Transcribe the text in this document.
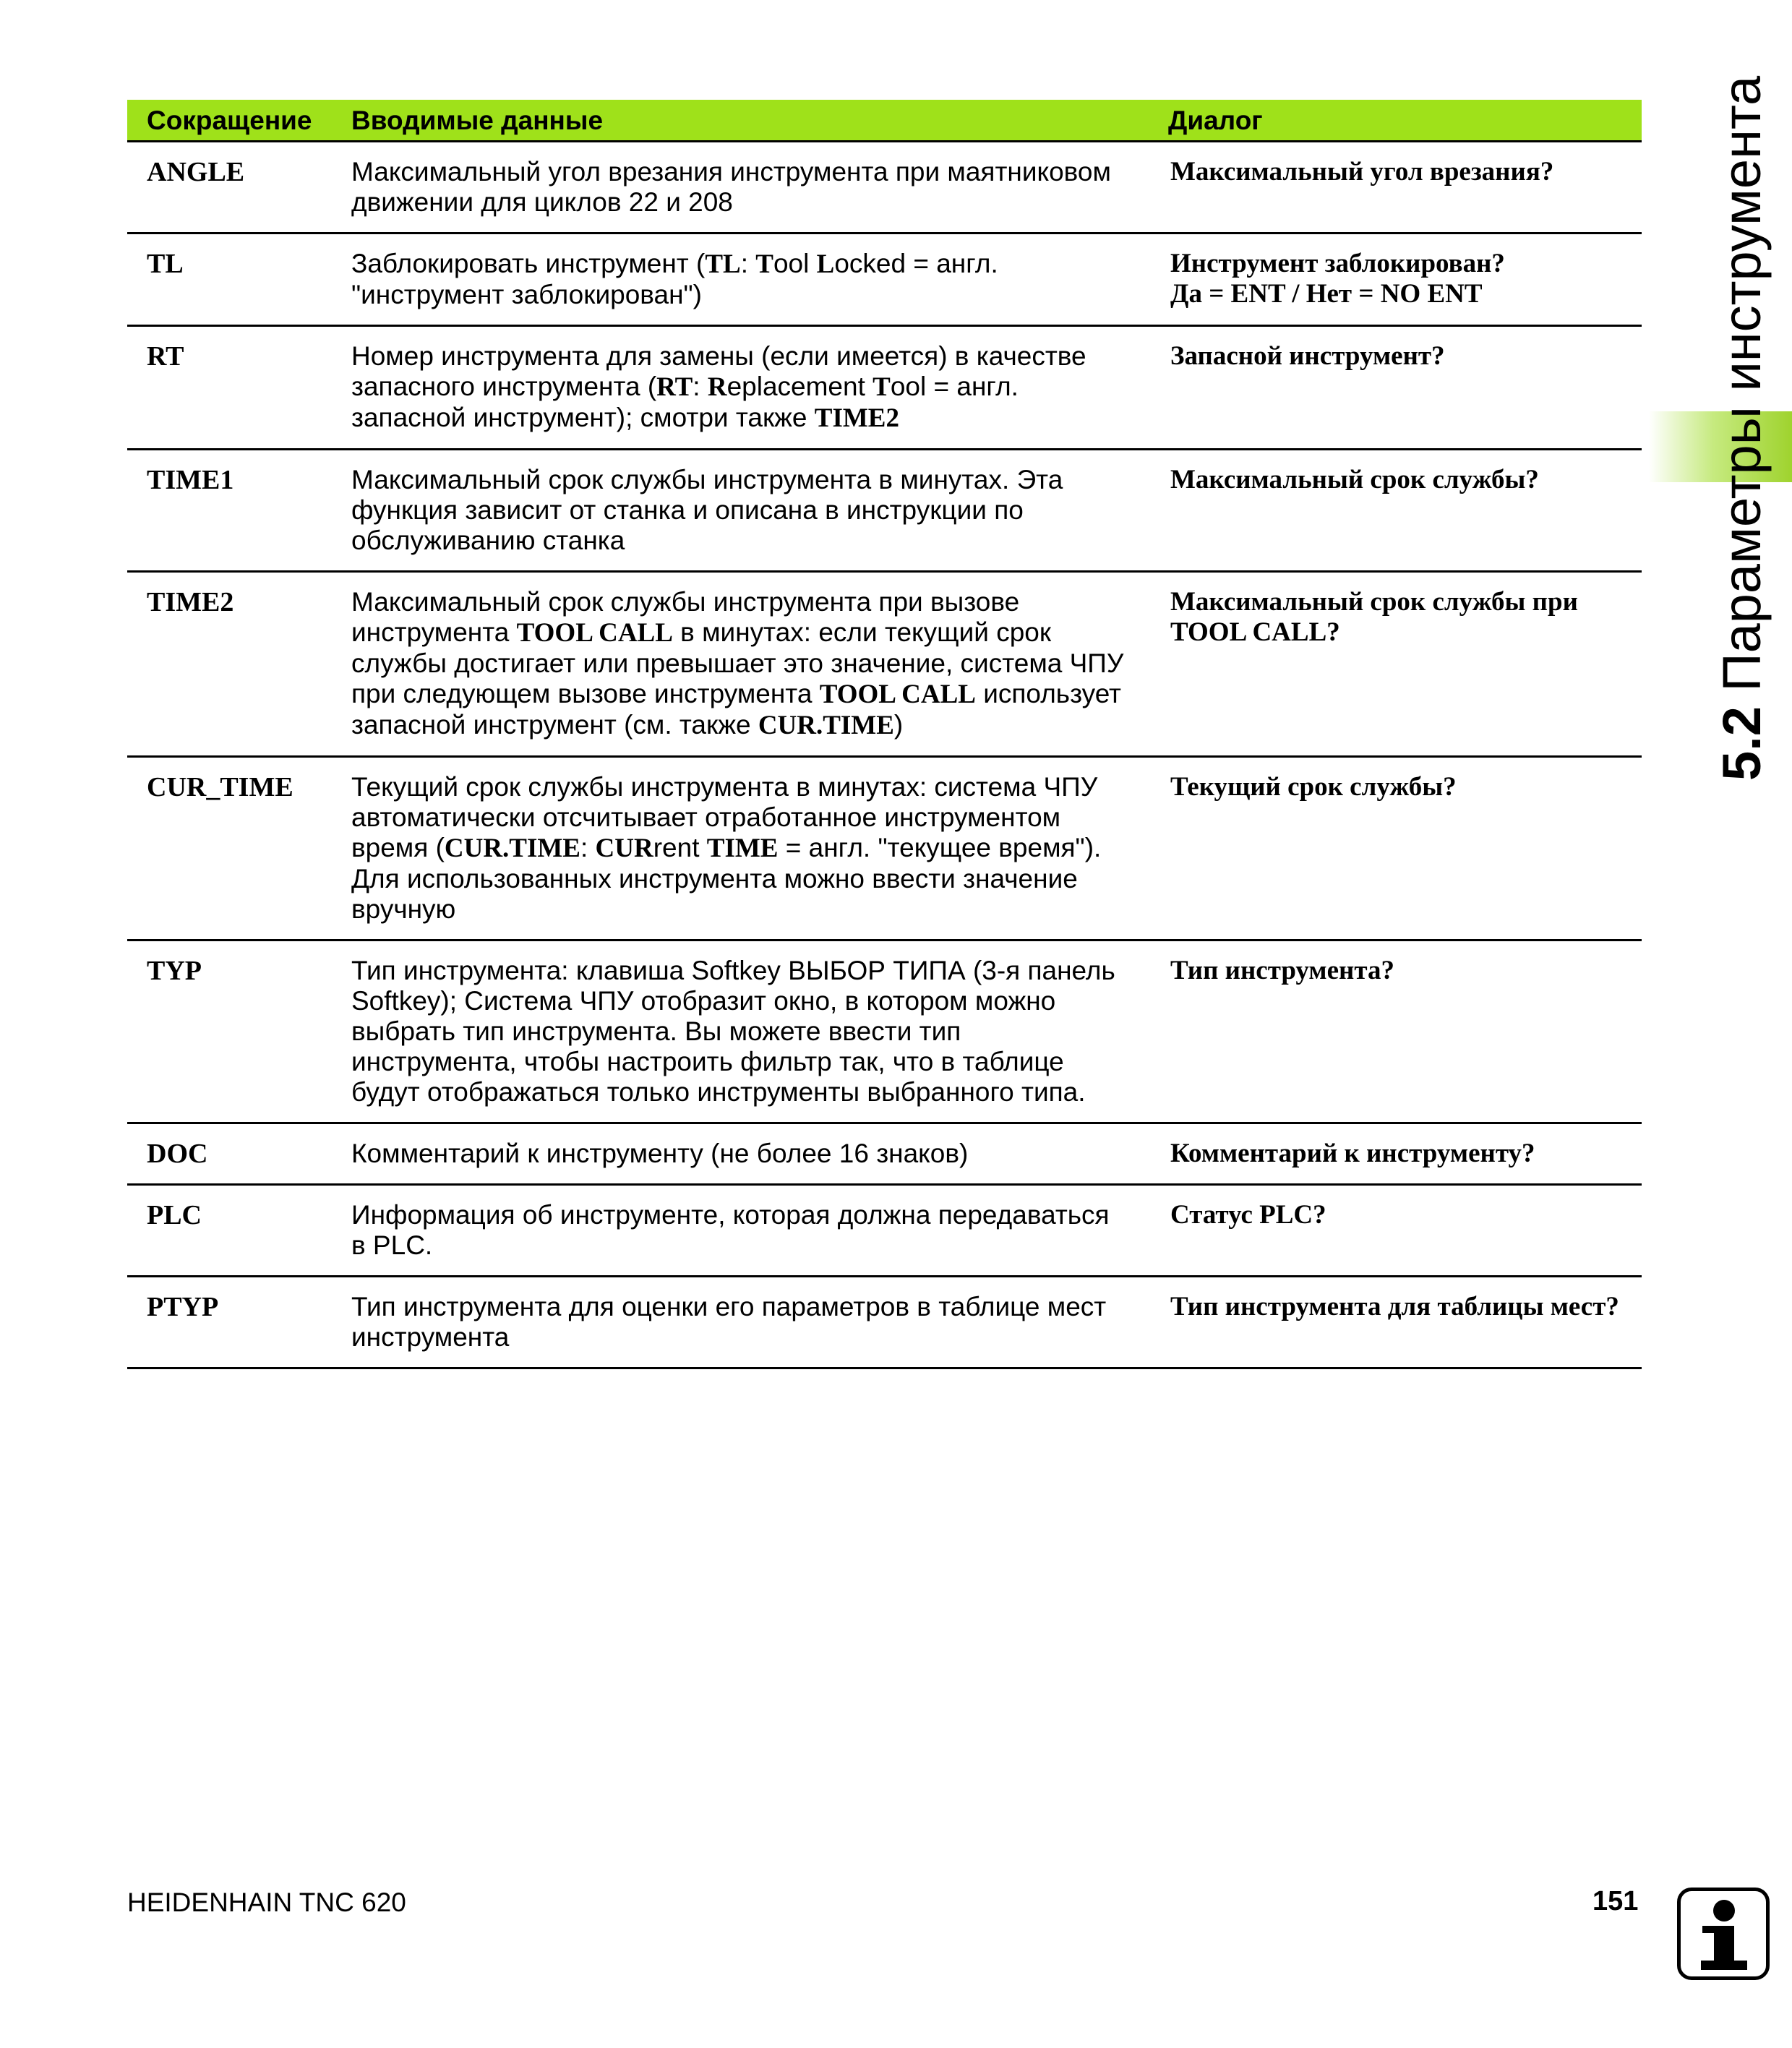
Сокращение	Вводимые данные	Диалог
ANGLE	Максимальный угол врезания инструмента при маятниковом
движении для циклов 22 и 208	Максимальный угол врезания?

TL	Заблокировать инструмент (TL: Tool Locked = англ.
"инструмент заблокирован")	Инструмент заблокирован?
Да = ENT / Нет = NO ENT

RT	Номер инструмента для замены (если имеется) в качестве
запасного инструмента (RT: Replacement Tool = англ.
запасной инструмент); смотри также TIME2	Запасной инструмент?

TIME1	Максимальный срок службы инструмента в минутах. Эта
функция зависит от станка и описана в инструкции по
обслуживанию станка	Максимальный срок службы?

TIME2	Максимальный срок службы инструмента при вызове
инструмента TOOL CALL в минутах: если текущий срок
службы достигает или превышает это значение, система ЧПУ
при следующем вызове инструмента TOOL CALL использует
запасной инструмент (см. также CUR.TIME)	Максимальный срок службы при
TOOL CALL?

CUR_TIME	Текущий срок службы инструмента в минутах: система ЧПУ
автоматически отсчитывает отработанное инструментом
время (CUR.TIME: CURrent TIME = англ. "текущее время").
Для использованных инструмента можно ввести значение
вручную	Текущий срок службы?

TYP	Тип инструмента: клавиша Softkey ВЫБОР ТИПА (3-я панель
Softkey); Система ЧПУ отобразит окно, в котором можно
выбрать тип инструмента. Вы можете ввести тип
инструмента, чтобы настроить фильтр так, что в таблице
будут отображаться только инструменты выбранного типа.	Тип инструмента?

DOC	Комментарий к инструменту (не более 16 знаков)	Комментарий к инструменту?

PLC	Информация об инструменте, которая должна передаваться
в PLC.	Статус PLC?

PTYP	Тип инструмента для оценки его параметров в таблице мест
инструмента	Тип инструмента для таблицы мест?
5.2 Параметры инструмента
HEIDENHAIN TNC 620	151
